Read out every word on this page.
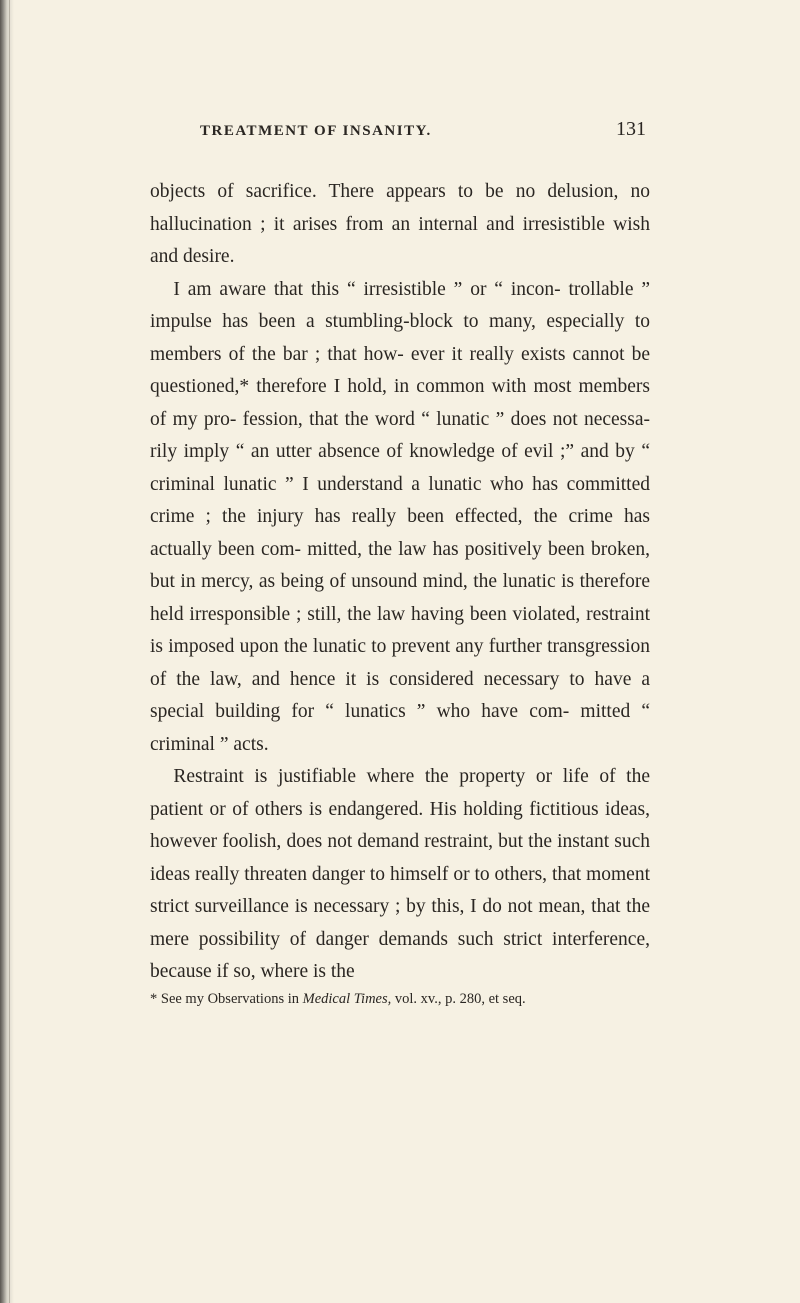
TREATMENT OF INSANITY.	131

objects of sacrifice. There appears to be no delusion, no hallucination ; it arises from an internal and irresistible wish and desire.

I am aware that this “ irresistible ” or “ incon- trollable ” impulse has been a stumbling-block to many, especially to members of the bar ; that how- ever it really exists cannot be questioned,* therefore I hold, in common with most members of my pro- fession, that the word “ lunatic ” does not necessa- rily imply “ an utter absence of knowledge of evil ;” and by “ criminal lunatic ” I understand a lunatic who has committed crime ; the injury has really been effected, the crime has actually been com- mitted, the law has positively been broken, but in mercy, as being of unsound mind, the lunatic is therefore held irresponsible ; still, the law having been violated, restraint is imposed upon the lunatic to prevent any further transgression of the law, and hence it is considered necessary to have a special building for “ lunatics ” who have com- mitted “ criminal ” acts.

Restraint is justifiable where the property or life of the patient or of others is endangered. His holding fictitious ideas, however foolish, does not demand restraint, but the instant such ideas really threaten danger to himself or to others, that moment strict surveillance is necessary ; by this, I do not mean, that the mere possibility of danger demands such strict interference, because if so, where is the

* See my Observations in Medical Times, vol. xv., p. 280, et seq.
